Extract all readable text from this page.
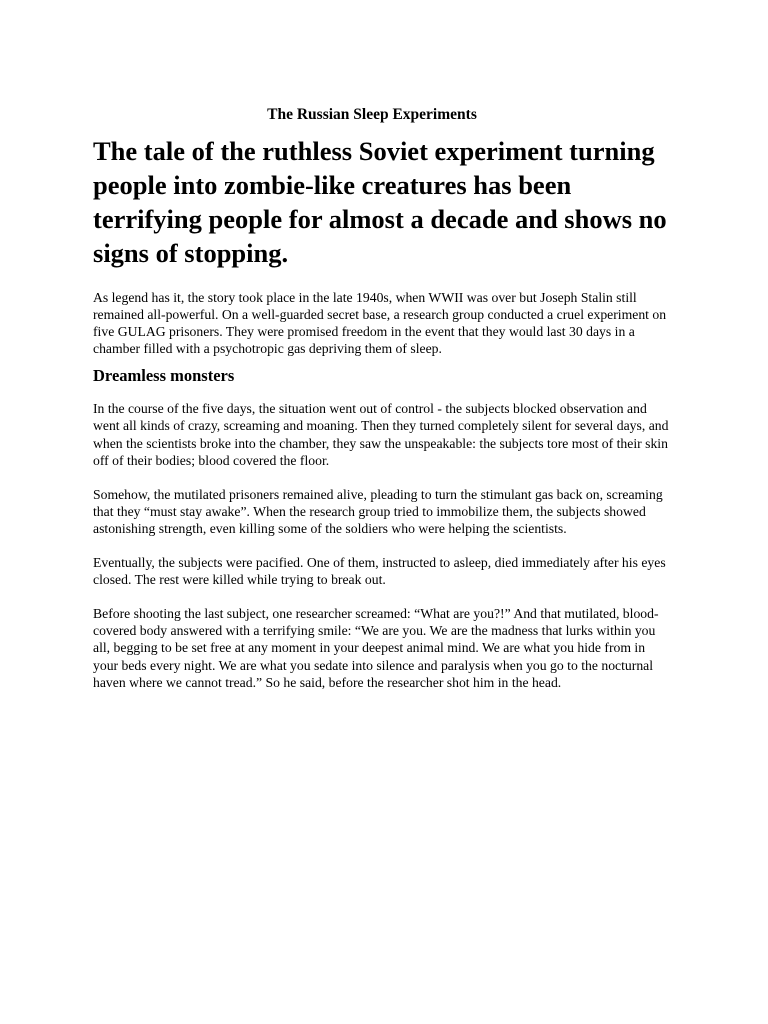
The Russian Sleep Experiments
The tale of the ruthless Soviet experiment turning people into zombie-like creatures has been terrifying people for almost a decade and shows no signs of stopping.

As legend has it, the story took place in the late 1940s, when WWII was over but Joseph Stalin still remained all-powerful. On a well-guarded secret base, a research group conducted a cruel experiment on five GULAG prisoners. They were promised freedom in the event that they would last 30 days in a chamber filled with a psychotropic gas depriving them of sleep.

Dreamless monsters

In the course of the five days, the situation went out of control - the subjects blocked observation and went all kinds of crazy, screaming and moaning. Then they turned completely silent for several days, and when the scientists broke into the chamber, they saw the unspeakable: the subjects tore most of their skin off of their bodies; blood covered the floor.

Somehow, the mutilated prisoners remained alive, pleading to turn the stimulant gas back on, screaming that they “must stay awake”. When the research group tried to immobilize them, the subjects showed astonishing strength, even killing some of the soldiers who were helping the scientists.

Eventually, the subjects were pacified. One of them, instructed to asleep, died immediately after his eyes closed. The rest were killed while trying to break out.

Before shooting the last subject, one researcher screamed: “What are you?!” And that mutilated, blood-covered body answered with a terrifying smile: “We are you. We are the madness that lurks within you all, begging to be set free at any moment in your deepest animal mind. We are what you hide from in your beds every night. We are what you sedate into silence and paralysis when you go to the nocturnal haven where we cannot tread.” So he said, before the researcher shot him in the head.
